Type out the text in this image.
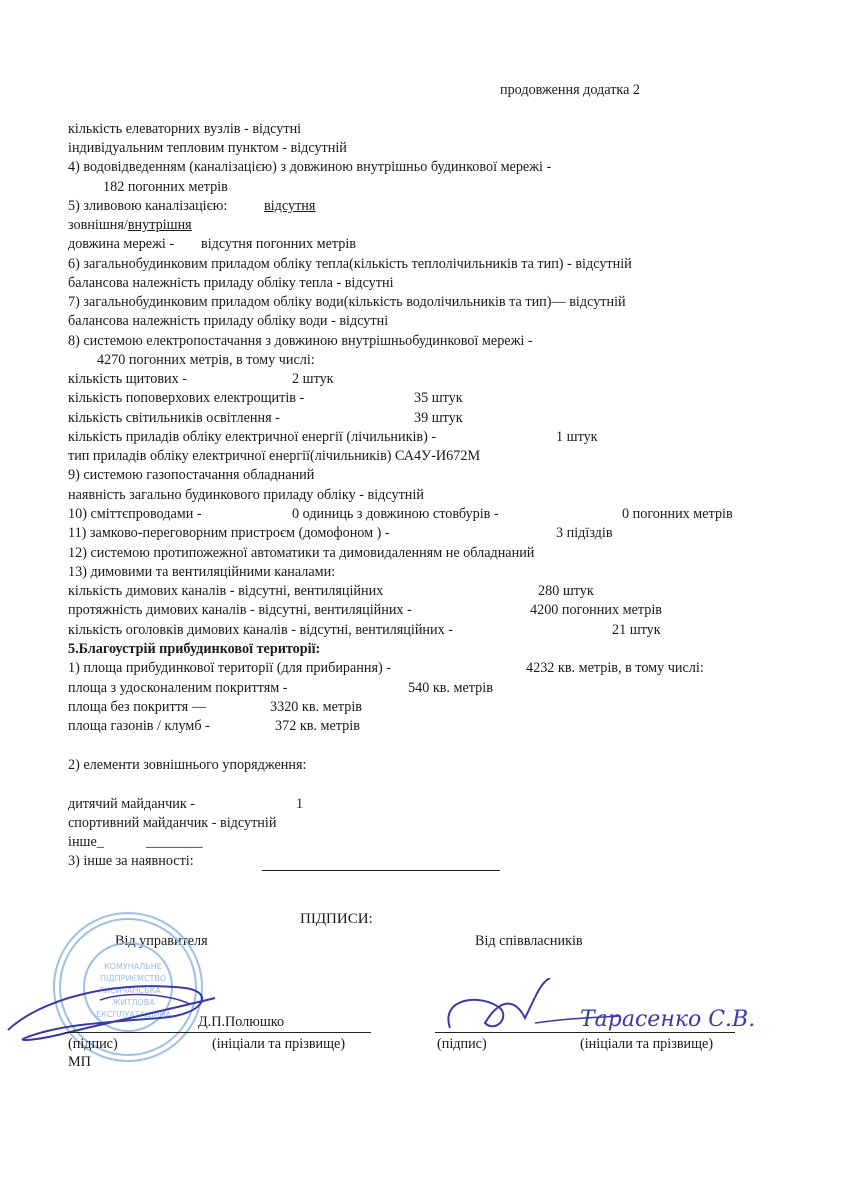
продовження додатка 2
кількість елеваторних вузлів - відсутні
індивідуальним тепловим пунктом - відсутній
4) водовідведенням (каналізацією) з довжиною внутрішньо будинкової мережі -
182 погонних метрів
5) зливовою каналізацією:	відсутня
зовнішня/внутрішня
довжина мережі - відсутня погонних метрів
6) загальнобудинковим приладом обліку тепла(кількість теплолічильників та тип) - відсутній
балансова належність приладу обліку тепла - відсутні
7) загальнобудинковим приладом обліку води(кількість водолічильників та тип)— відсутній
балансова належність приладу обліку води - відсутні
8) системою електропостачання з довжиною внутрішньобудинкової мережі -
4270 погонних метрів, в тому числі:
кількість щитових -	2 штук
кількість поповерхових електрощитів -	35 штук
кількість світильників освітлення -	39 штук
кількість приладів обліку електричної енергії (лічильників) -	1 штук
тип приладів обліку електричної енергії(лічильників) СА4У-И672М
9) системою газопостачання обладнаний
наявність загально будинкового приладу обліку - відсутній
10) сміттєпроводами -	0 одиниць з довжиною стовбурів -	0 погонних метрів
11) замково-переговорним пристроєм (домофоном ) -	3 підїздів
12) системою протипожежної автоматики та димовидаленням не обладнаний
13) димовими та вентиляційними каналами:
кількість димових каналів - відсутні, вентиляційних	280 штук
протяжність димових каналів - відсутні, вентиляційних -	4200 погонних метрів
кількість оголовків димових каналів - відсутні, вентиляційних -	21 штук
5.Благоустрій прибудинкової території:
1) площа прибудинкової території (для прибирання) -	4232 кв. метрів, в тому числі:
площа з удосконаленим покриттям -	540 кв. метрів
площа без покриття —	3320 кв. метрів
площа газонів / клумб -	372 кв. метрів
2) елементи зовнішнього упорядження:
дитячий майданчик -	1
спортивний майданчик - відсутній
інше_	________
3) інше за наявності:
ПІДПИСИ:
Від управителя	Від співвласників
КОМУНАЛЬНЕ
ПІДПРИЄМСТВО
ЛИСИЧАНСЬКА
ЖИТЛОВА
ЕКСПЛУАТАЦІЙНА Д.П.Полюшко	Тарасенко С.В.
(підпис)	(ініціали та прізвище)	(підпис)	(ініціали та прізвище)
МП
